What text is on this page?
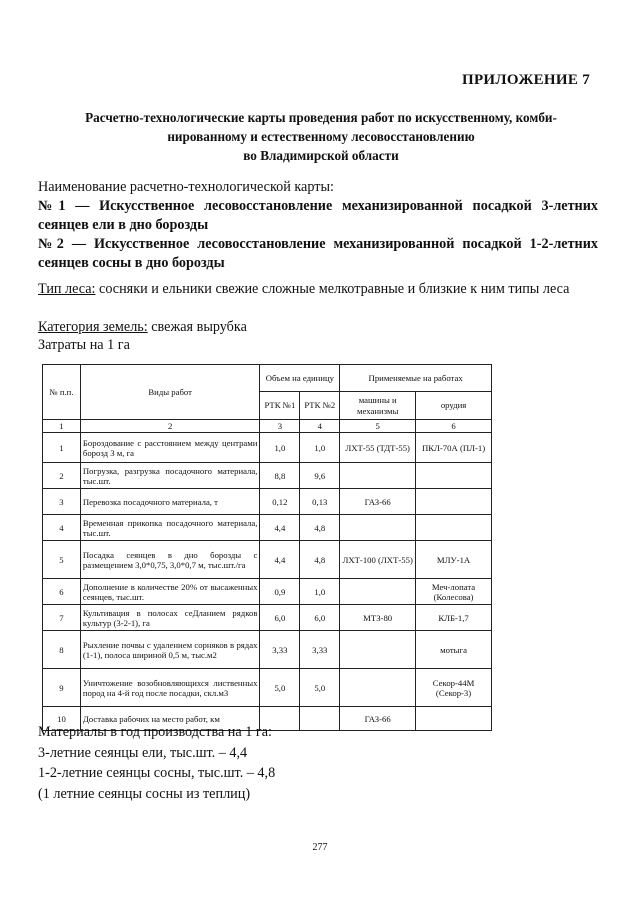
ПРИЛОЖЕНИЕ 7
Расчетно-технологические карты проведения работ по искусственному, комби-
нированному и естественному лесовосстановлению
во Владимирской области
Наименование расчетно-технологической карты:
№1 — Искусственное лесовосстановление механизированной посадкой 3-летних сеянцев ели в дно борозды
№2 — Искусственное лесовосстановление механизированной посадкой 1-2-летних сеянцев сосны в дно борозды
Тип леса: сосняки и ельники свежие сложные мелкотравные и близкие к ним типы леса
Категория земель: свежая вырубка
Затраты на 1 га
№ п.п.	Виды работ	Объем на единицу		Применяемые на работах	
		РТК №1	РТК №2	машины и механизмы	орудия
1	2	3	4	5	6
1	Бороздование с расстоянием между центрами борозд 3 м, га	1,0	1,0	ЛХТ-55 (ТДТ-55)	ПКЛ-70А (ПЛ-1)
2	Погрузка, разгрузка посадочного материала, тыс.шт.	8,8	9,6		
3	Перевозка посадочного материала, т	0,12	0,13	ГАЗ-66	
4	Временная прикопка посадочного материала, тыс.шт.	4,4	4,8		
5	Посадка сеянцев в дно борозды с размещением 3,0*0,75, 3,0*0,7 м, тыс.шт./га	4,4	4,8	ЛХТ-100 (ЛХТ-55)	МЛУ-1А
6	Дополнение в количестве 20% от высаженных сеянцев, тыс.шт.	0,9	1,0		Меч-лопата (Колесова)
7	Культивация в полосах сеДланием рядков культур (3-2-1), га	6,0	6,0	МТЗ-80	КЛБ-1,7
8	Рыхление почвы с удалением сорняков в рядах (1-1), полоса шириной 0,5 м, тыс.м2	3,33	3,33		мотыга
9	Уничтожение возобновляющихся лиственных пород на 4-й год после посадки, скл.м3	5,0	5,0		Секор-44М (Секор-3)
10	Доставка рабочих на место работ, км			ГАЗ-66	
Материалы в год производства на 1 га:
3-летние сеянцы ели, тыс.шт. – 4,4
1-2-летние сеянцы сосны, тыс.шт. – 4,8
(1 летние сеянцы сосны из теплиц)
277
